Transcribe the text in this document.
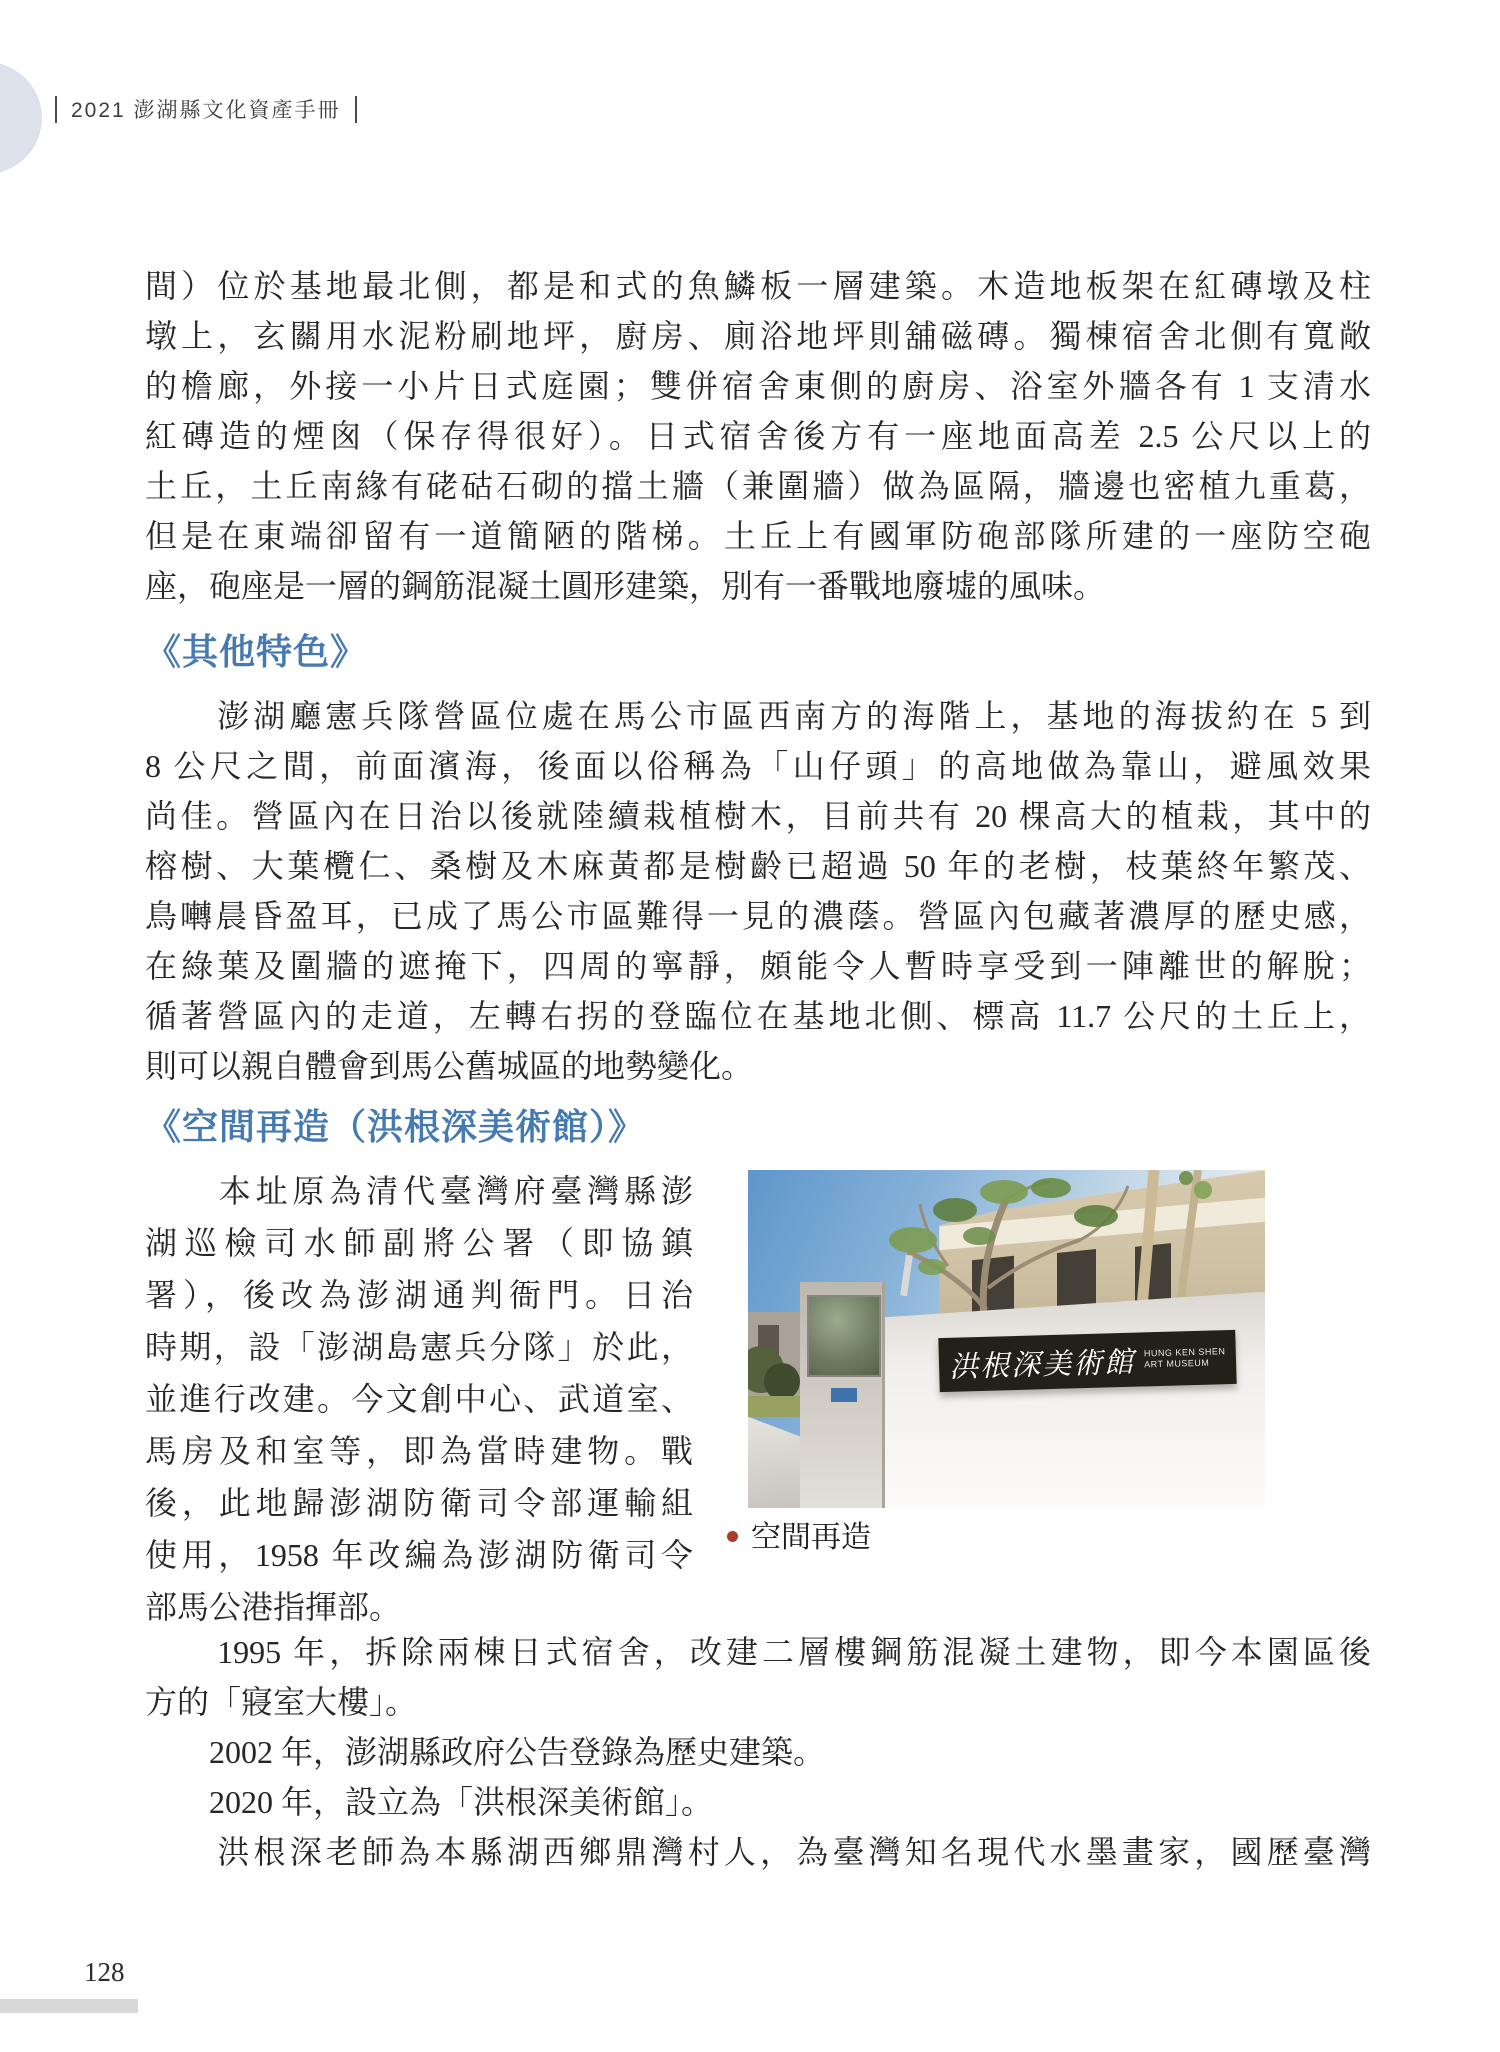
2021 澎湖縣文化資產手冊
間）位於基地最北側，都是和式的魚鱗板一層建築。木造地板架在紅磚墩及柱
墩上，玄關用水泥粉刷地坪，廚房、廁浴地坪則舖磁磚。獨棟宿舍北側有寬敞
的檐廊，外接一小片日式庭園；雙併宿舍東側的廚房、浴室外牆各有 1 支清水
紅磚造的煙囪（保存得很好）。日式宿舍後方有一座地面高差 2.5 公尺以上的
土丘，土丘南緣有硓𥑮石砌的擋土牆（兼圍牆）做為區隔，牆邊也密植九重葛，
但是在東端卻留有一道簡陋的階梯。土丘上有國軍防砲部隊所建的一座防空砲
座，砲座是一層的鋼筋混凝土圓形建築，別有一番戰地廢墟的風味。
《其他特色》
　　澎湖廳憲兵隊營區位處在馬公市區西南方的海階上，基地的海拔約在 5 到
8 公尺之間，前面濱海，後面以俗稱為「山仔頭」的高地做為靠山，避風效果
尚佳。營區內在日治以後就陸續栽植樹木，目前共有 20 棵高大的植栽，其中的
榕樹、大葉欖仁、桑樹及木麻黃都是樹齡已超過 50 年的老樹，枝葉終年繁茂、
鳥囀晨昏盈耳，已成了馬公市區難得一見的濃蔭。營區內包藏著濃厚的歷史感，
在綠葉及圍牆的遮掩下，四周的寧靜，頗能令人暫時享受到一陣離世的解脫；
循著營區內的走道，左轉右拐的登臨位在基地北側、標高 11.7 公尺的土丘上，
則可以親自體會到馬公舊城區的地勢變化。
《空間再造（洪根深美術館）》
　　本址原為清代臺灣府臺灣縣澎
湖巡檢司水師副將公署（即協鎮
署），後改為澎湖通判衙門。日治
時期，設「澎湖島憲兵分隊」於此，
並進行改建。今文創中心、武道室、
馬房及和室等，即為當時建物。戰
後，此地歸澎湖防衛司令部運輸組
使用，1958 年改編為澎湖防衛司令
部馬公港指揮部。
洪根深美術館 HUNG KEN SHEN
ART MUSEUM
空間再造
　　1995 年，拆除兩棟日式宿舍，改建二層樓鋼筋混凝土建物，即今本園區後
方的「寢室大樓」。
　　2002 年，澎湖縣政府公告登錄為歷史建築。
　　2020 年，設立為「洪根深美術館」。
　　洪根深老師為本縣湖西鄉鼎灣村人，為臺灣知名現代水墨畫家，國歷臺灣
128
